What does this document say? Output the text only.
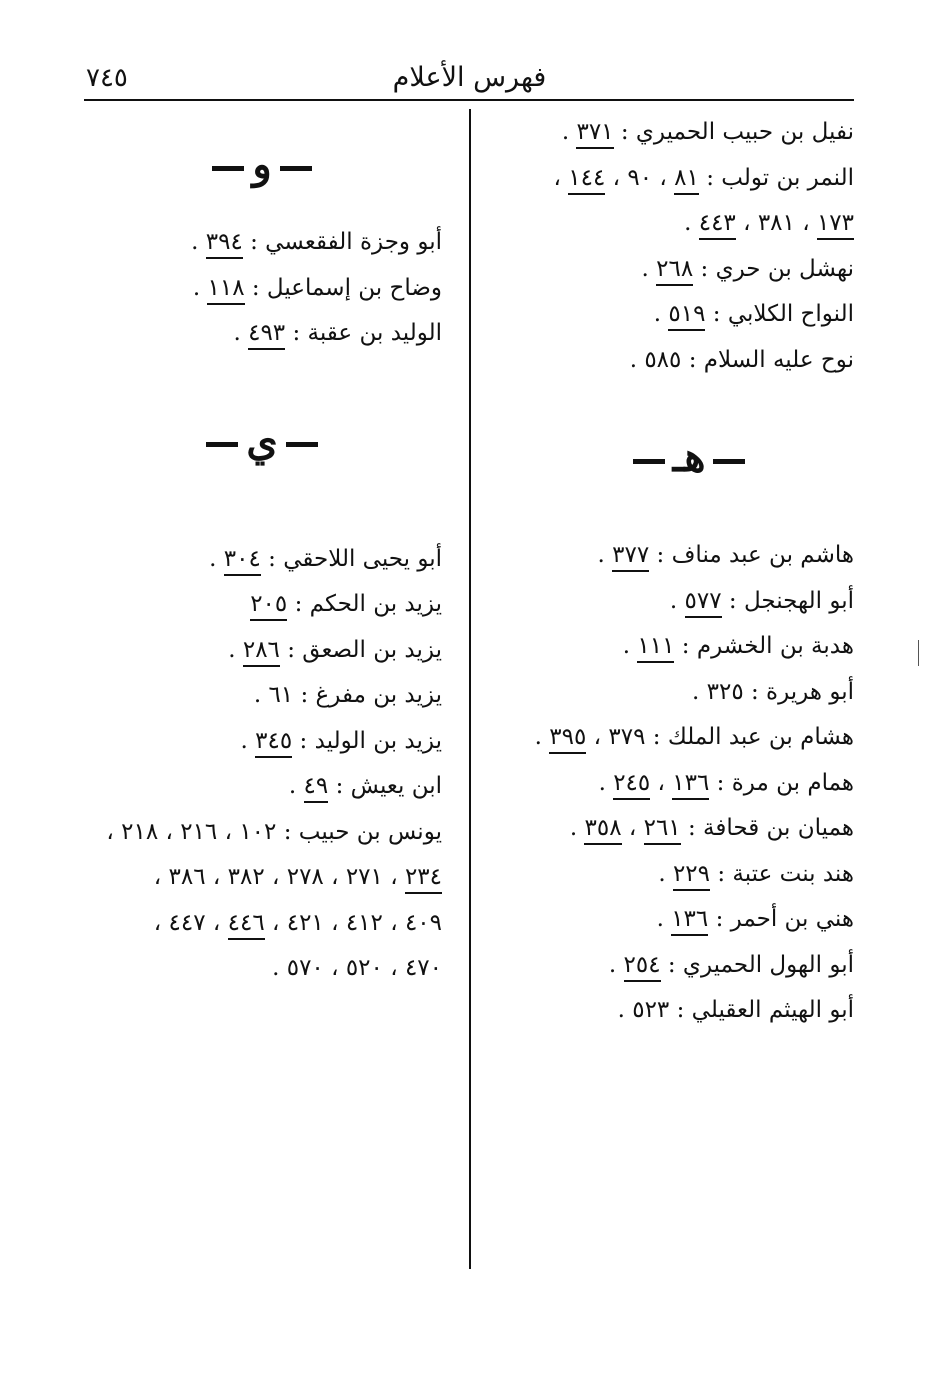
فهرس الأعلام
٧٤٥
نفيل بن حبيب الحميري : ٣٧١ .
النمر بن تولب : ٨١ ، ٩٠ ، ١٤٤ ،
١٧٣ ، ٣٨١ ، ٤٤٣ .
نهشل بن حري : ٢٦٨ .
النواح الكلابي : ٥١٩ .
نوح عليه السلام : ٥٨٥ .
هـ
هاشم بن عبد مناف : ٣٧٧ .
أبو الهجنجل : ٥٧٧ .
هدبة بن الخشرم : ١١١ .
أبو هريرة : ٣٢٥ .
هشام بن عبد الملك : ٣٧٩ ، ٣٩٥ .
همام بن مرة : ١٣٦ ، ٢٤٥ .
هميان بن قحافة : ٢٦١ ، ٣٥٨ .
هند بنت عتبة : ٢٢٩ .
هني بن أحمر : ١٣٦ .
أبو الهول الحميري : ٢٥٤ .
أبو الهيثم العقيلي : ٥٢٣ .
و
أبو وجزة الفقعسي : ٣٩٤ .
وضاح بن إسماعيل : ١١٨ .
الوليد بن عقبة : ٤٩٣ .
ي
أبو يحيى اللاحقي : ٣٠٤ .
يزيد بن الحكم : ٢٠٥
يزيد بن الصعق : ٢٨٦ .
يزيد بن مفرغ : ٦١ .
يزيد بن الوليد : ٣٤٥ .
ابن يعيش : ٤٩ .
يونس بن حبيب : ١٠٢ ، ٢١٦ ، ٢١٨ ،
٢٣٤ ، ٢٧١ ، ٢٧٨ ، ٣٨٢ ، ٣٨٦ ،
٤٠٩ ، ٤١٢ ، ٤٢١ ، ٤٤٦ ، ٤٤٧ ،
٤٧٠ ، ٥٢٠ ، ٥٧٠ .
